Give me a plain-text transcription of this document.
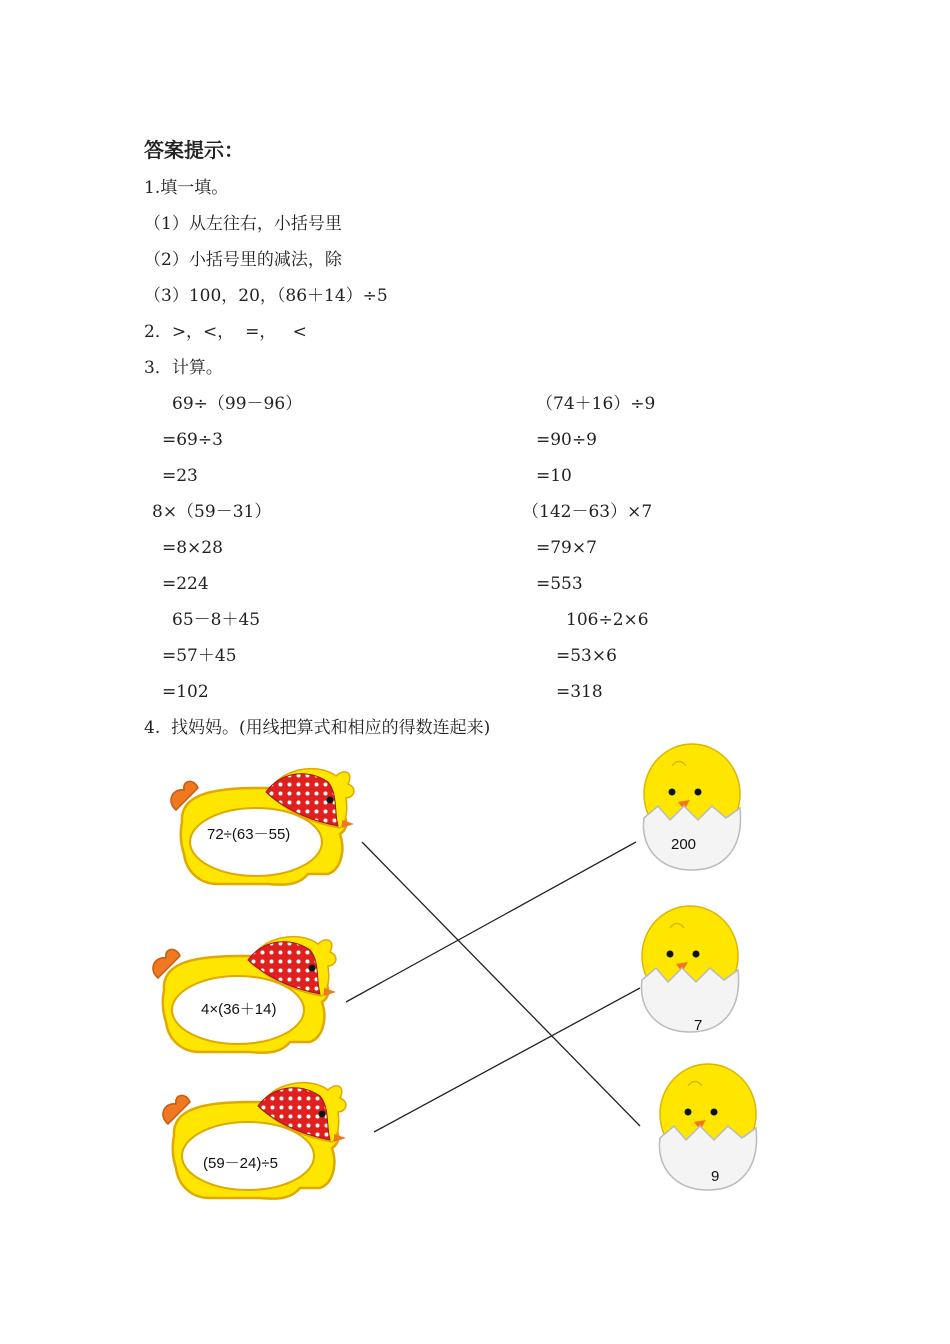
答案提示：
1.填一填。
（1）从左往右，小括号里
（2）小括号里的减法，除
（3）100，20，（86＋14）÷5
2．>，<，  =，   <
3．计算。
69÷（99－96）
=69÷3
=23
8×（59－31）
=8×28
=224
65－8＋45
=57＋45
=102
（74＋16）÷9
=90÷9
=10
（142－63）×7
=79×7
=553
106÷2×6
=53×6
=318
4.  找妈妈。(用线把算式和相应的得数连起来)
72÷(63－55)
4×(36＋14)
(59－24)÷5
200
7
9
